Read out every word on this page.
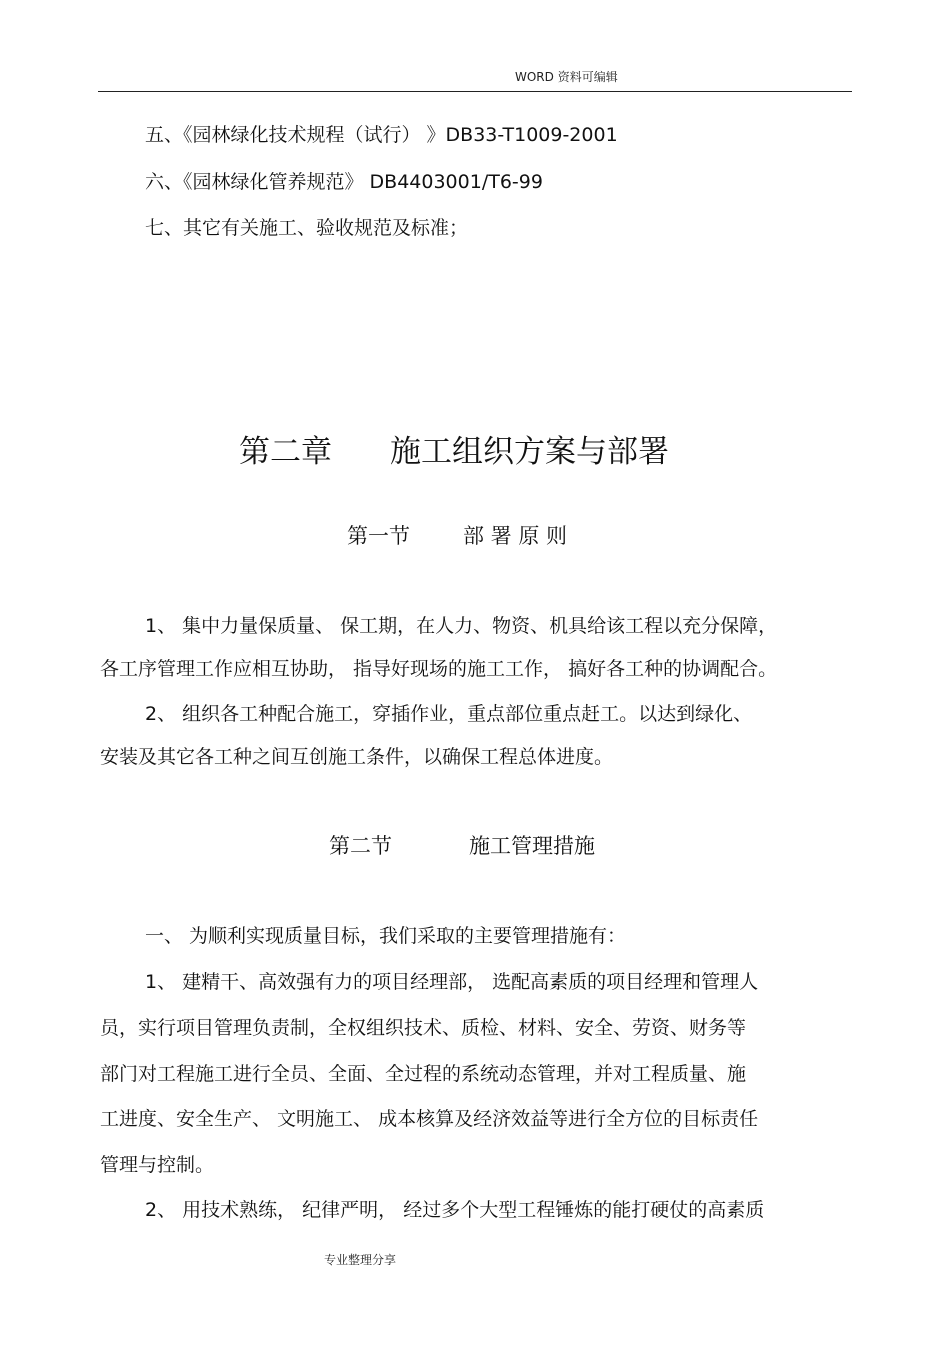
WORD 资料可编辑
五、《园林绿化技术规程（试行） 》DB33-T1009-2001
六、《园林绿化管养规范》 DB4403001/T6-99
七、其它有关施工、验收规范及标准；
第二章 施工组织方案与部署
第一节	部 署 原 则
1、 集中力量保质量、 保工期，在人力、物资、机具给该工程以充分保障，
各工序管理工作应相互协助， 指导好现场的施工工作， 搞好各工种的协调配合。
2、 组织各工种配合施工，穿插作业，重点部位重点赶工。以达到绿化、
安装及其它各工种之间互创施工条件，以确保工程总体进度。
第二节	施工管理措施
一、 为顺利实现质量目标，我们采取的主要管理措施有：
1、 建精干、高效强有力的项目经理部， 选配高素质的项目经理和管理人
员，实行项目管理负责制，全权组织技术、质检、材料、安全、劳资、财务等
部门对工程施工进行全员、全面、全过程的系统动态管理，并对工程质量、施
工进度、安全生产、 文明施工、 成本核算及经济效益等进行全方位的目标责任
管理与控制。
2、 用技术熟练， 纪律严明， 经过多个大型工程锤炼的能打硬仗的高素质
专业整理分享
